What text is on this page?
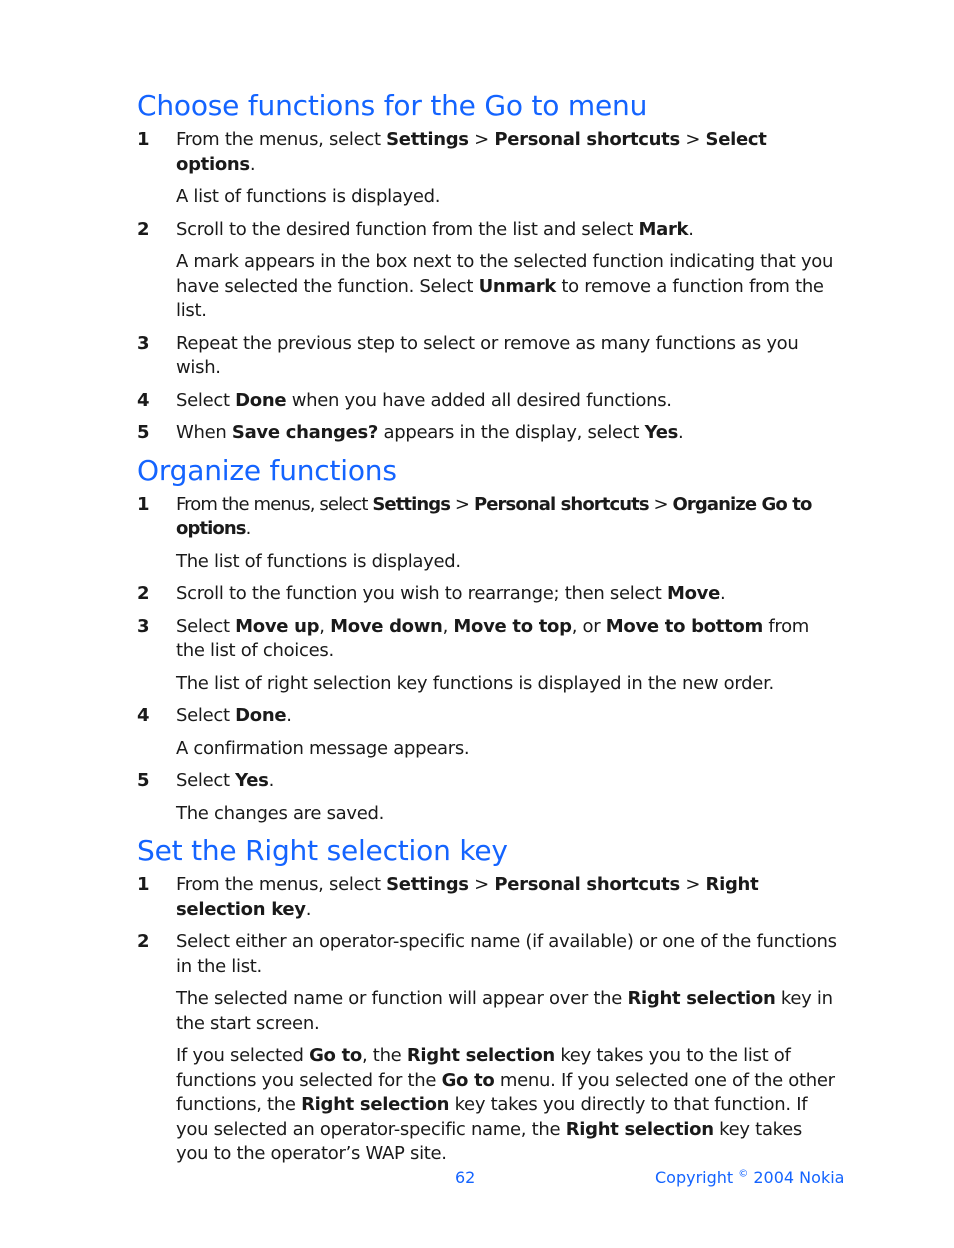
Choose functions for the Go to menu
1 From the menus, select Settings > Personal shortcuts > Select options.
A list of functions is displayed.
2 Scroll to the desired function from the list and select Mark.
A mark appears in the box next to the selected function indicating that you have selected the function. Select Unmark to remove a function from the list.
3 Repeat the previous step to select or remove as many functions as you wish.
4 Select Done when you have added all desired functions.
5 When Save changes? appears in the display, select Yes.
Organize functions
1 From the menus, select Settings > Personal shortcuts > Organize Go to options.
The list of functions is displayed.
2 Scroll to the function you wish to rearrange; then select Move.
3 Select Move up, Move down, Move to top, or Move to bottom from the list of choices.
The list of right selection key functions is displayed in the new order.
4 Select Done.
A confirmation message appears.
5 Select Yes.
The changes are saved.
Set the Right selection key
1 From the menus, select Settings > Personal shortcuts > Right selection key.
2 Select either an operator-specific name (if available) or one of the functions in the list.
The selected name or function will appear over the Right selection key in the start screen.
If you selected Go to, the Right selection key takes you to the list of functions you selected for the Go to menu. If you selected one of the other functions, the Right selection key takes you directly to that function. If you selected an operator-specific name, the Right selection key takes you to the operator’s WAP site.
62	Copyright © 2004 Nokia
